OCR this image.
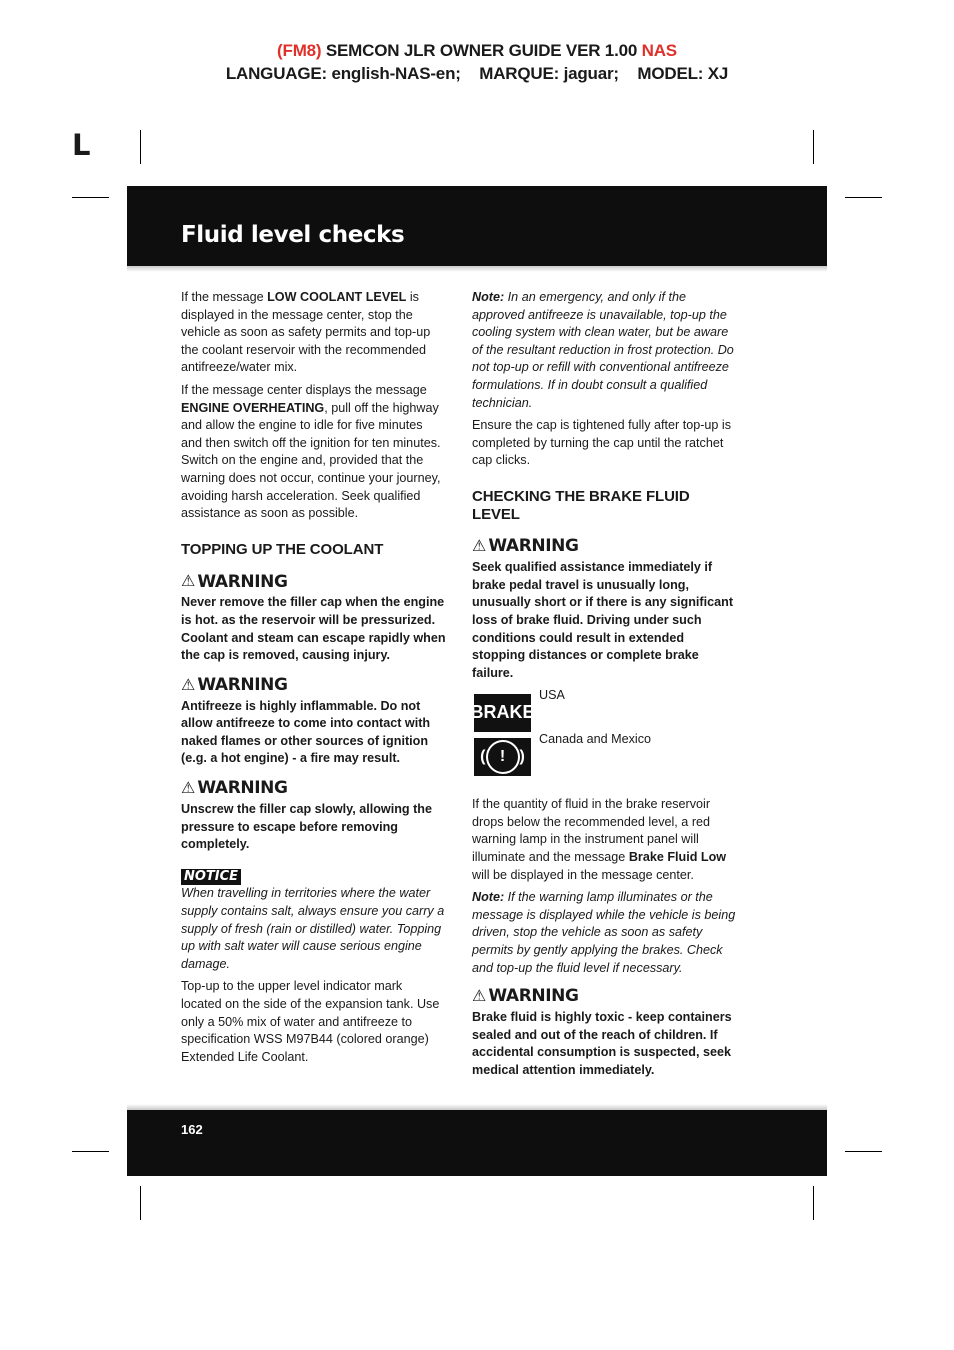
(FM8) SEMCON JLR OWNER GUIDE VER 1.00 NAS
LANGUAGE: english-NAS-en; MARQUE: jaguar; MODEL: XJ
L
Fluid level checks

If the message LOW COOLANT LEVEL is displayed in the message center, stop the vehicle as soon as safety permits and top-up the coolant reservoir with the recommended antifreeze/water mix.

If the message center displays the message ENGINE OVERHEATING, pull off the highway and allow the engine to idle for five minutes and then switch off the ignition for ten minutes. Switch on the engine and, provided that the warning does not occur, continue your journey, avoiding harsh acceleration. Seek qualified assistance as soon as possible.

TOPPING UP THE COOLANT
⚠ WARNING
Never remove the filler cap when the engine is hot. as the reservoir will be pressurized. Coolant and steam can escape rapidly when the cap is removed, causing injury.
⚠ WARNING
Antifreeze is highly inflammable. Do not allow antifreeze to come into contact with naked flames or other sources of ignition (e.g. a hot engine) - a fire may result.
⚠ WARNING
Unscrew the filler cap slowly, allowing the pressure to escape before removing completely.
NOTICE

When travelling in territories where the water supply contains salt, always ensure you carry a supply of fresh (rain or distilled) water. Topping up with salt water will cause serious engine damage.

Top-up to the upper level indicator mark located on the side of the expansion tank. Use only a 50% mix of water and antifreeze to specification WSS M97B44 (colored orange) Extended Life Coolant.

Note: In an emergency, and only if the approved antifreeze is unavailable, top-up the cooling system with clean water, but be aware of the resultant reduction in frost protection. Do not top-up or refill with conventional antifreeze formulations. If in doubt consult a qualified technician.

Ensure the cap is tightened fully after top-up is completed by turning the cap until the ratchet cap clicks.

CHECKING THE BRAKE FLUID LEVEL
⚠ WARNING
Seek qualified assistance immediately if brake pedal travel is unusually long, unusually short or if there is any significant loss of brake fluid. Driving under such conditions could result in extended stopping distances or complete brake failure.
BRAKE
USA
( ! )
Canada and Mexico

If the quantity of fluid in the brake reservoir drops below the recommended level, a red warning lamp in the instrument panel will illuminate and the message Brake Fluid Low will be displayed in the message center.

Note: If the warning lamp illuminates or the message is displayed while the vehicle is being driven, stop the vehicle as soon as safety permits by gently applying the brakes. Check and top-up the fluid level if necessary.

⚠ WARNING
Brake fluid is highly toxic - keep containers sealed and out of the reach of children. If accidental consumption is suspected, seek medical attention immediately.
162
